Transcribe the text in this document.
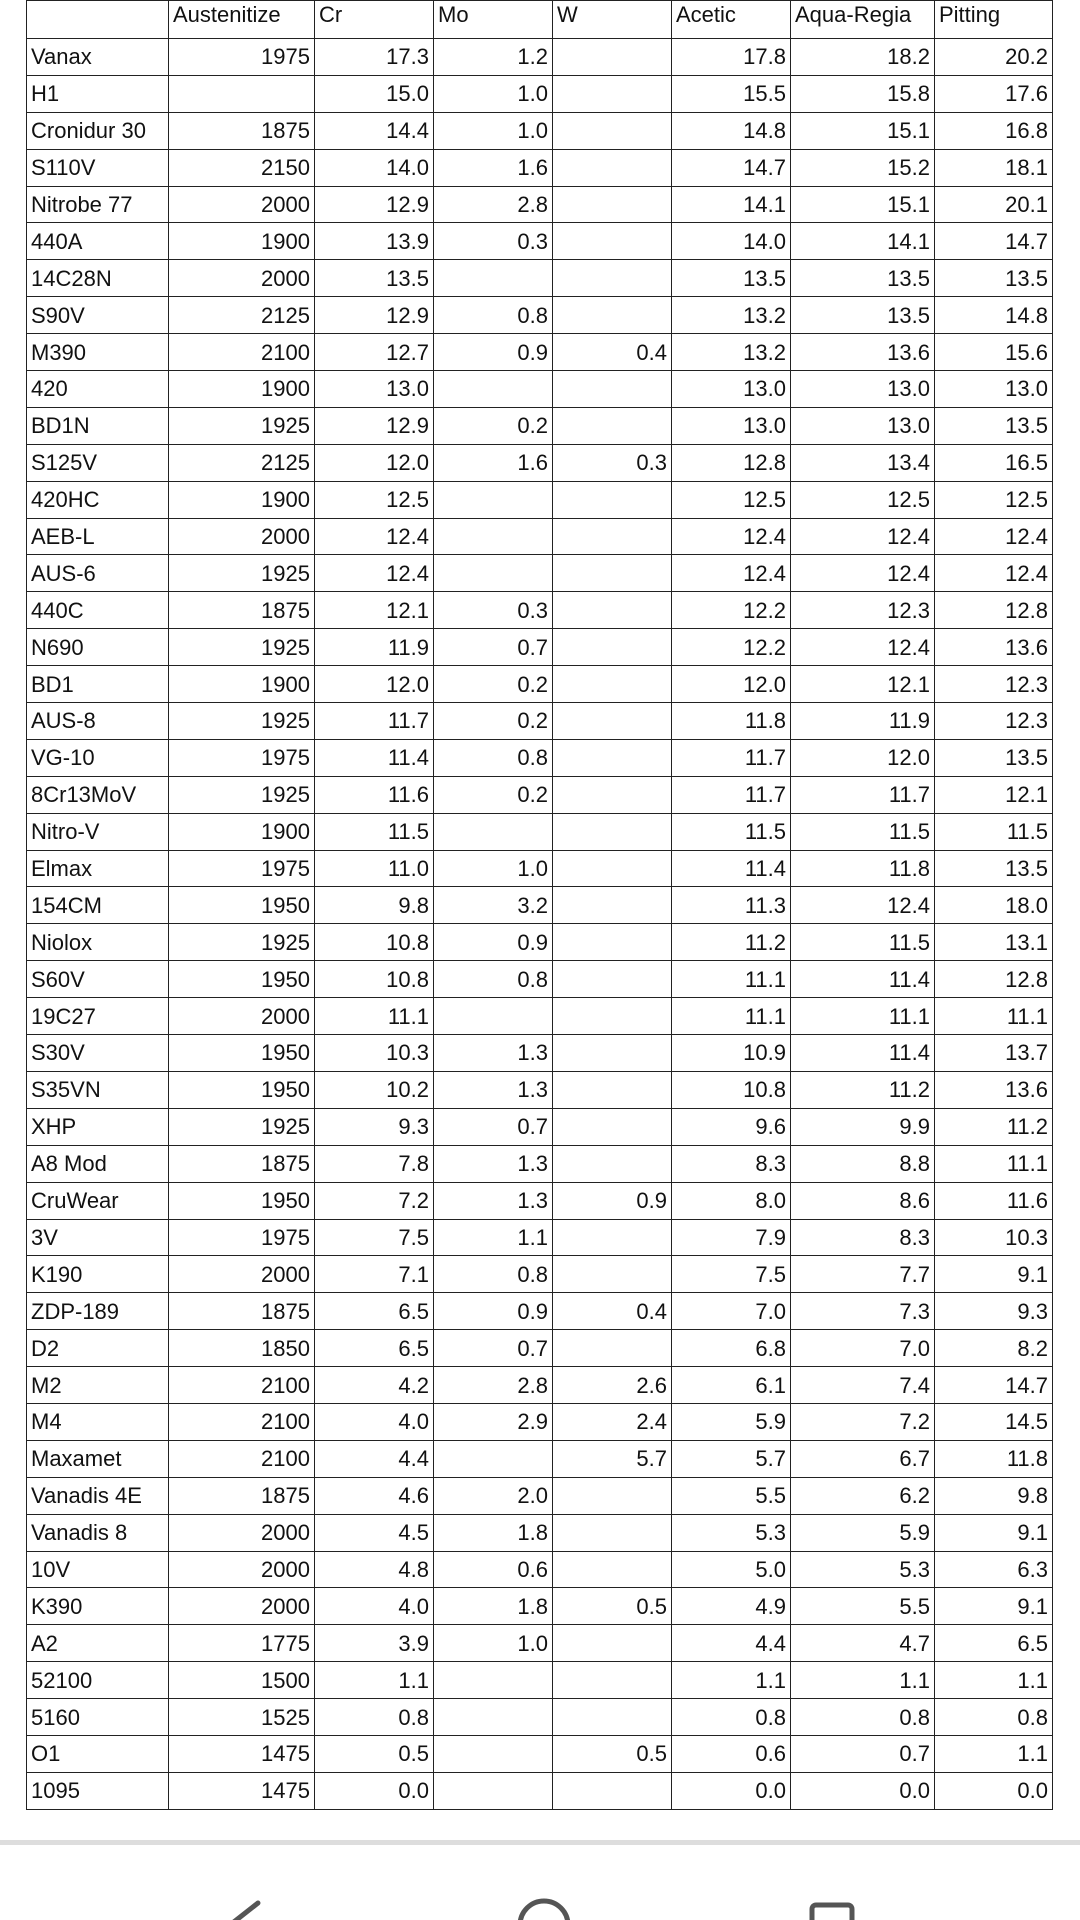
	Austenitize	Cr	Mo	W	Acetic	Aqua-Regia	Pitting
Vanax	1975	17.3	1.2		17.8	18.2	20.2
H1		15.0	1.0		15.5	15.8	17.6
Cronidur 30	1875	14.4	1.0		14.8	15.1	16.8
S110V	2150	14.0	1.6		14.7	15.2	18.1
Nitrobe 77	2000	12.9	2.8		14.1	15.1	20.1
440A	1900	13.9	0.3		14.0	14.1	14.7
14C28N	2000	13.5			13.5	13.5	13.5
S90V	2125	12.9	0.8		13.2	13.5	14.8
M390	2100	12.7	0.9	0.4	13.2	13.6	15.6
420	1900	13.0			13.0	13.0	13.0
BD1N	1925	12.9	0.2		13.0	13.0	13.5
S125V	2125	12.0	1.6	0.3	12.8	13.4	16.5
420HC	1900	12.5			12.5	12.5	12.5
AEB-L	2000	12.4			12.4	12.4	12.4
AUS-6	1925	12.4			12.4	12.4	12.4
440C	1875	12.1	0.3		12.2	12.3	12.8
N690	1925	11.9	0.7		12.2	12.4	13.6
BD1	1900	12.0	0.2		12.0	12.1	12.3
AUS-8	1925	11.7	0.2		11.8	11.9	12.3
VG-10	1975	11.4	0.8		11.7	12.0	13.5
8Cr13MoV	1925	11.6	0.2		11.7	11.7	12.1
Nitro-V	1900	11.5			11.5	11.5	11.5
Elmax	1975	11.0	1.0		11.4	11.8	13.5
154CM	1950	9.8	3.2		11.3	12.4	18.0
Niolox	1925	10.8	0.9		11.2	11.5	13.1
S60V	1950	10.8	0.8		11.1	11.4	12.8
19C27	2000	11.1			11.1	11.1	11.1
S30V	1950	10.3	1.3		10.9	11.4	13.7
S35VN	1950	10.2	1.3		10.8	11.2	13.6
XHP	1925	9.3	0.7		9.6	9.9	11.2
A8 Mod	1875	7.8	1.3		8.3	8.8	11.1
CruWear	1950	7.2	1.3	0.9	8.0	8.6	11.6
3V	1975	7.5	1.1		7.9	8.3	10.3
K190	2000	7.1	0.8		7.5	7.7	9.1
ZDP-189	1875	6.5	0.9	0.4	7.0	7.3	9.3
D2	1850	6.5	0.7		6.8	7.0	8.2
M2	2100	4.2	2.8	2.6	6.1	7.4	14.7
M4	2100	4.0	2.9	2.4	5.9	7.2	14.5
Maxamet	2100	4.4		5.7	5.7	6.7	11.8
Vanadis 4E	1875	4.6	2.0		5.5	6.2	9.8
Vanadis 8	2000	4.5	1.8		5.3	5.9	9.1
10V	2000	4.8	0.6		5.0	5.3	6.3
K390	2000	4.0	1.8	0.5	4.9	5.5	9.1
A2	1775	3.9	1.0		4.4	4.7	6.5
52100	1500	1.1			1.1	1.1	1.1
5160	1525	0.8			0.8	0.8	0.8
O1	1475	0.5		0.5	0.6	0.7	1.1
1095	1475	0.0			0.0	0.0	0.0
